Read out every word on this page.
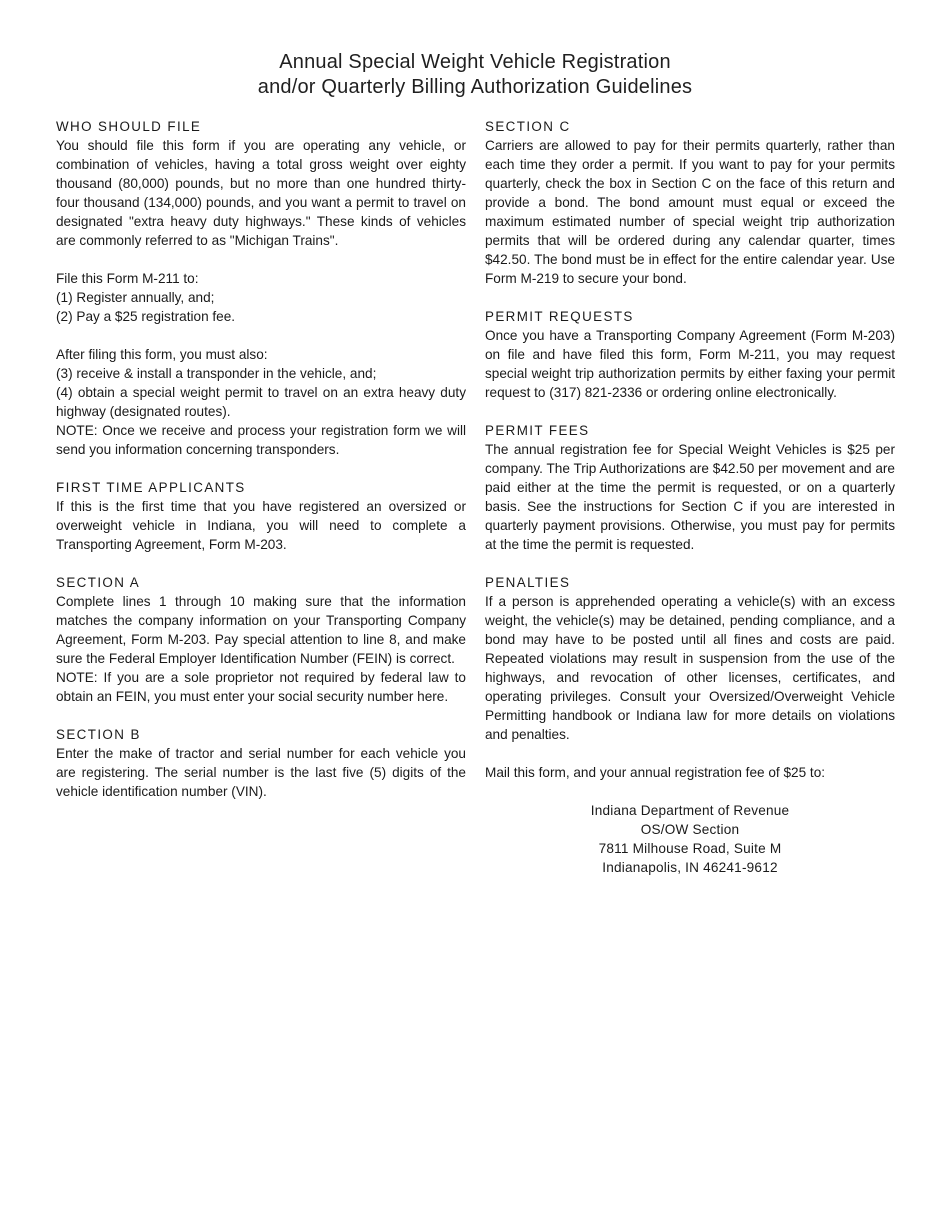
Annual Special Weight Vehicle Registration
and/or Quarterly Billing Authorization Guidelines

WHO SHOULD FILE

You should file this form if you are operating any vehicle, or combination of vehicles, having a total gross weight over eighty thousand (80,000) pounds, but no more than one hundred thirty-four thousand (134,000) pounds, and you want a permit to travel on designated "extra heavy duty highways." These kinds of vehicles are commonly referred to as "Michigan Trains".

File this Form M-211 to:

(1) Register annually, and;

(2) Pay a $25 registration fee.

After filing this form, you must also:

(3) receive & install a transponder in the vehicle, and;

(4) obtain a special weight permit to travel on an extra heavy duty highway (designated routes).

NOTE: Once we receive and process your registration form we will send you information concerning transponders.

FIRST TIME APPLICANTS

If this is the first time that you have registered an oversized or overweight vehicle in Indiana, you will need to complete a Transporting Agreement, Form M-203.

SECTION A

Complete lines 1 through 10 making sure that the information matches the company information on your Transporting Company Agreement, Form M-203. Pay special attention to line 8, and make sure the Federal Employer Identification Number (FEIN) is correct.

NOTE: If you are a sole proprietor not required by federal law to obtain an FEIN, you must enter your social security number here.

SECTION B

Enter the make of tractor and serial number for each vehicle you are registering. The serial number is the last five (5) digits of the vehicle identification number (VIN).

SECTION C

Carriers are allowed to pay for their permits quarterly, rather than each time they order a permit. If you want to pay for your permits quarterly, check the box in Section C on the face of this return and provide a bond. The bond amount must equal or exceed the maximum estimated number of special weight trip authorization permits that will be ordered during any calendar quarter, times $42.50. The bond must be in effect for the entire calendar year. Use Form M-219 to secure your bond.

PERMIT REQUESTS

Once you have a Transporting Company Agreement (Form M-203) on file and have filed this form, Form M-211, you may request special weight trip authorization permits by either faxing your permit request to (317) 821-2336 or ordering online electronically.

PERMIT FEES

The annual registration fee for Special Weight Vehicles is $25 per company. The Trip Authorizations are $42.50 per movement and are paid either at the time the permit is requested, or on a quarterly basis. See the instructions for Section C if you are interested in quarterly payment provisions. Otherwise, you must pay for permits at the time the permit is requested.

PENALTIES

If a person is apprehended operating a vehicle(s) with an excess weight, the vehicle(s) may be detained, pending compliance, and a bond may have to be posted until all fines and costs are paid. Repeated violations may result in suspension from the use of the highways, and revocation of other licenses, certificates, and operating privileges. Consult your Oversized/Overweight Vehicle Permitting handbook or Indiana law for more details on violations and penalties.

Mail this form, and your annual registration fee of $25 to:

Indiana Department of Revenue

OS/OW Section

7811 Milhouse Road, Suite M

Indianapolis, IN 46241-9612
